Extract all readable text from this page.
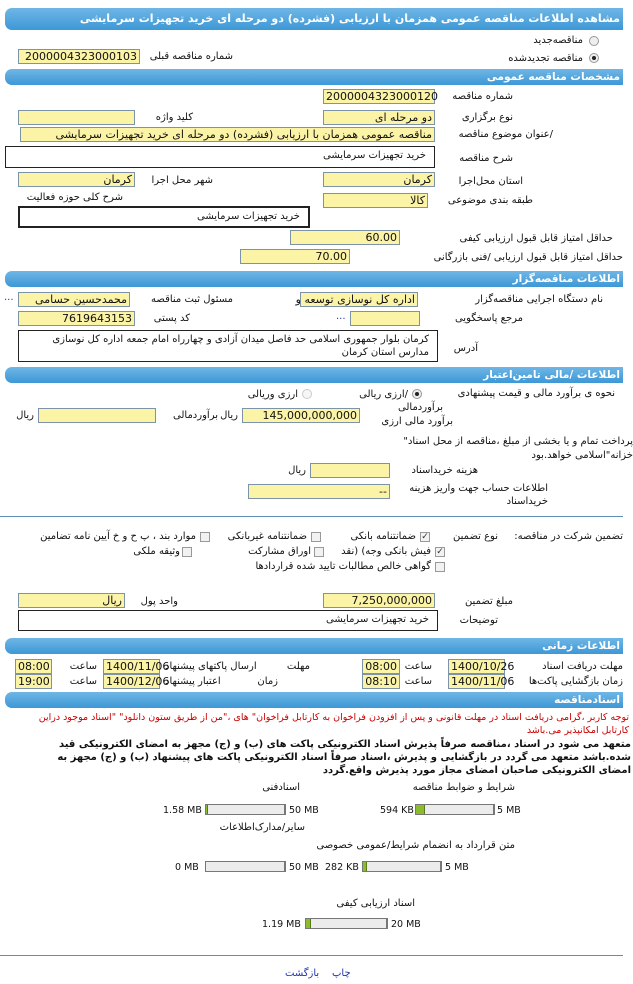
مشاهده اطلاعات مناقصه عمومی همزمان با ارزیابی (فشرده) دو مرحله ای خرید تجهیزات سرمایشی
مناقصه‌جدید
مناقصه تجدیدشده
شماره مناقصه قبلی
2000004323000103
مشخصات مناقصه عمومی
شماره مناقصه
2000004323000120
نوع برگزاری
دو مرحله ای
کلید واژه
/عنوان موضوع مناقصه
مناقصه عمومی همزمان با ارزیابی (فشرده) دو مرحله ای خرید تجهیزات سرمایشی
شرح مناقصه
خرید تجهیزات سرمایشی
استان محل‌اجرا
کرمان
شهر محل اجرا
کرمان
طبقه بندی موضوعی
کالا
شرح کلی حوزه فعالیت
خرید تجهیزات سرمایشی
حداقل امتیاز قابل قبول ارزیابی کیفی
60.00
حداقل امتیاز قابل قبول ارزیابی /فنی بازرگانی
70.00
اطلاعات مناقصه‌گزار
نام دستگاه اجرایی مناقصه‌گزار
اداره کل نوسازی توسعه و
مسئول ثبت مناقصه
محمدحسین حسامی
...
مرجع پاسخگویی
...
کد پستی
7619643153
آدرس
کرمان بلوار جمهوری اسلامی حد فاصل میدان آزادی و چهارراه امام جمعه اداره کل نوسازی مدارس استان کرمان
اطلاعات /مالی تامین‌اعتبار
نحوه ی برآورد مالی و قیمت پیشنهادی
/ارزی ریالی
ارزی وریالی
برآوردمالی
برآورد مالی ارزی
145,000,000,000
ریال
برآوردمالی
ریال
پرداخت تمام و یا بخشی از مبلغ ،مناقصه از محل اسناد" خزانه"اسلامی خواهد.بود
هزینه خریداسناد
ریال
اطلاعات حساب جهت واریز هزینه خریداسناد
--
تضمین شرکت در مناقصه:
نوع تضمین
✓
ضمانتنامه بانکی
ضمانتنامه غیربانکی
موارد بند ، پ ح و خ آیین نامه تضامین
✓
فیش بانکی وجه) (نقد
اوراق مشارکت
وثیقه ملکی
گواهی خالص مطالبات تایید شده قراردادها
مبلغ تضمین
7,250,000,000
واحد پول
ریال
توضیحات
خرید تجهیزات سرمایشی
اطلاعات زمانی
مهلت دریافت اسناد
1400/10/26
ساعت
08:00
مهلت
ارسال پاکتهای پیشنهاد
1400/11/06
ساعت
08:00
زمان بازگشایی پاکت‌ها
1400/11/06
ساعت
08:10
زمان
اعتبار پیشنهاد
1400/12/06
ساعت
19:00
اسنادمناقصه
توجه کاربر ،گرامی دریافت اسناد در مهلت قانونی و پس از افزودن فراخوان به کارتابل فراخوان" های ،"من از طریق ستون دانلود" "اسناد موجود دراین کارتابل امکانپذیر می.باشد
متعهد می شود در اسناد ،مناقصه صرفاً پذیرش اسناد الکترونیکی پاکت های (ب) و (ج) مجهز به امضای الکترونیکی قید شده.باشد متعهد می گردد در بازگشایی و پذیرش ،اسناد صرفاً اسناد الکترونیکی پاکت های پیشنهاد (ب) و (ج) مجهز به امضای الکترونیکی صاحبان امضای مجاز مورد پذیرش واقع.گردد
شرایط و ضوابط مناقصه
594 KB	5 MB
اسنادفنی
1.58 MB	50 MB
متن قرارداد به انضمام شرایط/عمومی خصوصی
282 KB	5 MB
سایر/مدارک‌اطلاعات
0 MB	50 MB
اسناد ارزیابی کیفی
1.19 MB	20 MB
بازگشت چاپ
